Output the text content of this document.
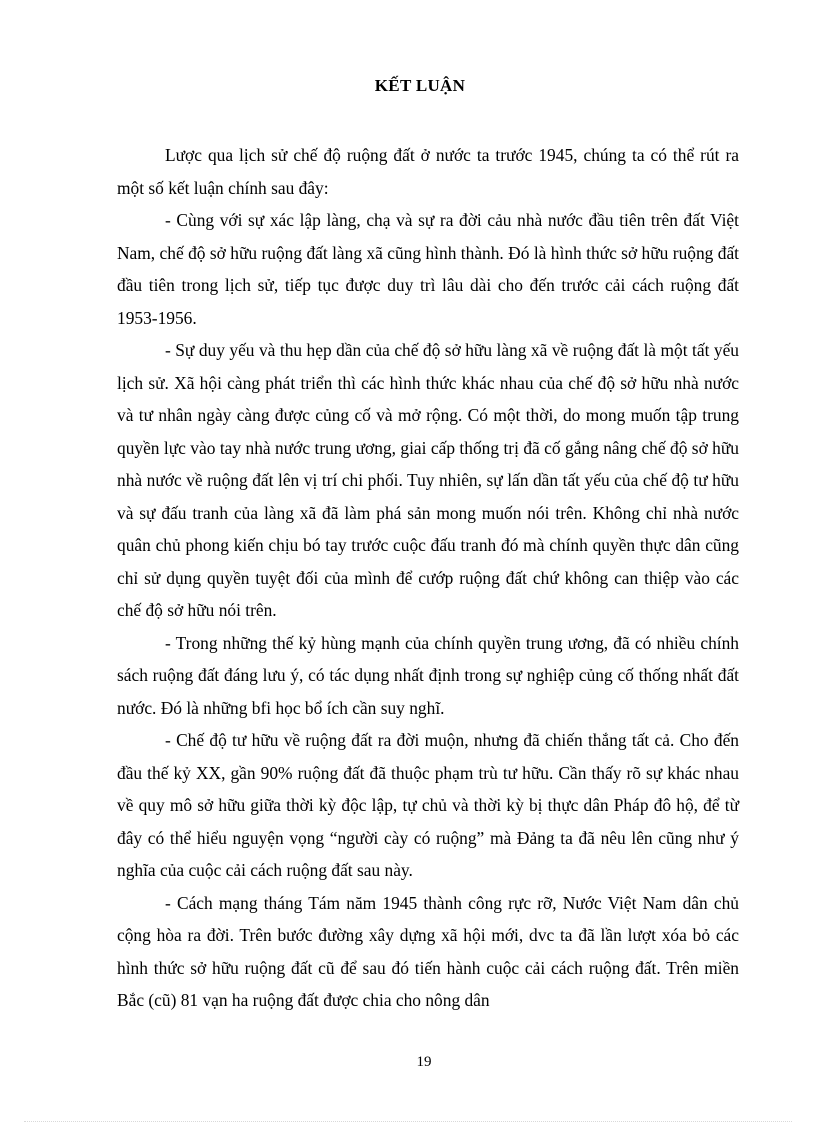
KẾT LUẬN

Lược qua lịch sử chế độ ruộng đất ở nước ta trước 1945, chúng ta có thể rút ra một số kết luận chính sau đây:

- Cùng với sự xác lập làng, chạ và sự ra đời cảu nhà nước đầu tiên trên đất Việt Nam, chế độ sở hữu ruộng đất làng xã cũng hình thành. Đó là hình thức sở hữu ruộng đất đầu tiên trong lịch sử, tiếp tục được duy trì lâu dài cho đến trước cải cách ruộng đất 1953-1956.

- Sự duy yếu và thu hẹp dần của chế độ sở hữu làng xã về ruộng đất là một tất yếu lịch sử. Xã hội càng phát triển thì các hình thức khác nhau của chế độ sở hữu nhà nước và tư nhân ngày càng được củng cố và mở rộng. Có một thời, do mong muốn tập trung quyền lực vào tay nhà nước trung ương, giai cấp thống trị đã cố gắng nâng chế độ sở hữu nhà nước về ruộng đất lên vị trí chi phối. Tuy nhiên, sự lấn dần tất yếu của chế độ tư hữu và sự đấu tranh của làng xã đã làm phá sản mong muốn nói trên. Không chỉ nhà nước quân chủ phong kiến chịu bó tay trước cuộc đấu tranh đó mà chính quyền thực dân cũng chỉ sử dụng quyền tuyệt đối của mình để cướp ruộng đất chứ không can thiệp vào các chế độ sở hữu nói trên.

- Trong những thế kỷ hùng mạnh của chính quyền trung ương, đã có nhiều chính sách ruộng đất đáng lưu ý, có tác dụng nhất định trong sự nghiệp củng cố thống nhất đất nước. Đó là những bfi học bổ ích cần suy nghĩ.

- Chế độ tư hữu về ruộng đất ra đời muộn, nhưng đã chiến thắng tất cả. Cho đến đầu thế kỷ XX, gần 90% ruộng đất đã thuộc phạm trù tư hữu. Cần thấy rõ sự khác nhau về quy mô sở hữu giữa thời kỳ độc lập, tự chủ và thời kỳ bị thực dân Pháp đô hộ, để từ đây có thể hiểu nguyện vọng “người cày có ruộng” mà Đảng ta đã nêu lên cũng như ý nghĩa của cuộc cải cách ruộng đất sau này.

- Cách mạng tháng Tám năm 1945 thành công rực rỡ, Nước Việt Nam dân chủ cộng hòa ra đời. Trên bước đường xây dựng xã hội mới, dvc ta đã lần lượt xóa bỏ các hình thức sở hữu ruộng đất cũ để sau đó tiến hành cuộc cải cách ruộng đất. Trên miền Bắc (cũ) 81 vạn ha ruộng đất được chia cho nông dân

19
